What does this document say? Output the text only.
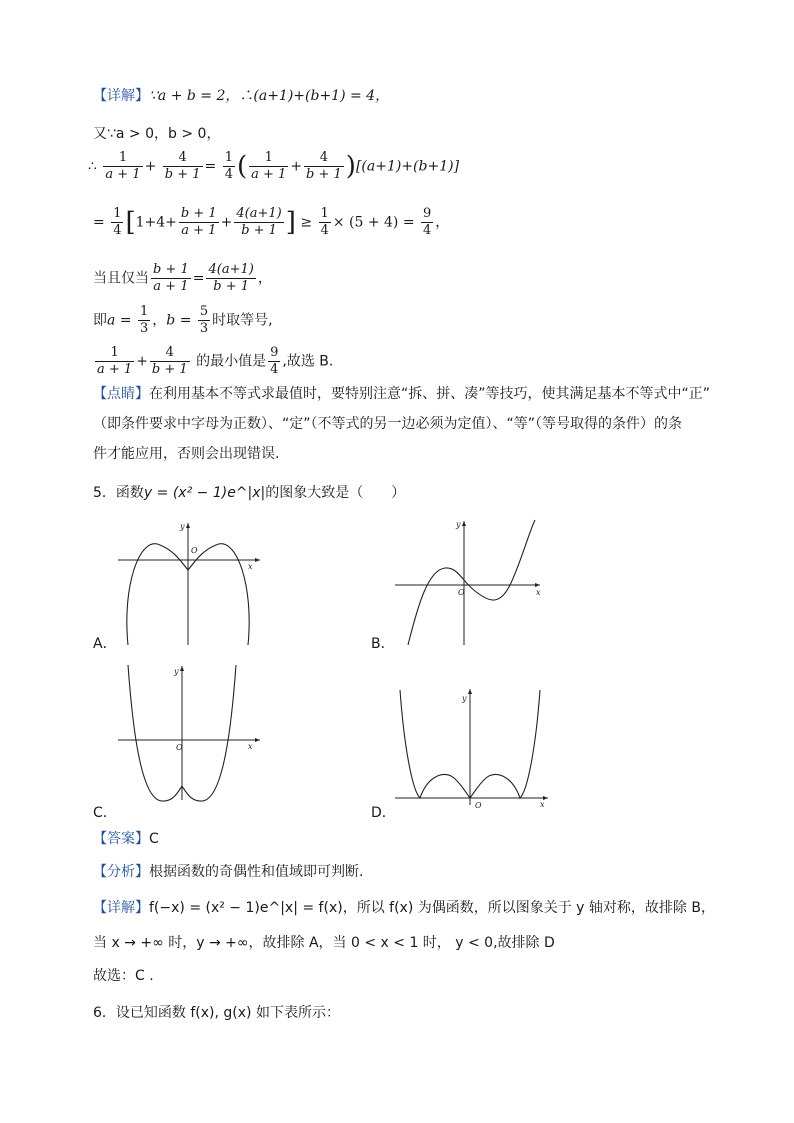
【详解】∵a + b = 2，∴(a+1)+(b+1) = 4，
又∵a > 0，b > 0，
∴ $\frac{1}{a + 1} + \frac{4}{b + 1} = \frac{1}{4}$ ( $\frac{1}{a + 1} + \frac{4}{b + 1} )[(a+1)+(b+1)]$
= $\frac{1}{4} [1+4+ \frac{b + 1}{a + 1} + \frac{4(a+1)}{b + 1}$ ] ≥ $\frac{1}{4} \times (5 + 4) = \frac{9}{4}$ ，
当且仅当 $\frac{b + 1}{a + 1} = \frac{4(a+1)}{b + 1}$ ，
即$a = \frac{1}{3}$ ，$b = \frac{5}{3}$ 时取等号,
$\frac{1}{a + 1} + \frac{4}{b + 1}$ 的最小值是 $\frac{9}{4}$ ,故选 B.
【点睛】在利用基本不等式求最值时，要特别注意“拆、拼、凑”等技巧，使其满足基本不等式中“正”
（即条件要求中字母为正数）、“定”（不等式的另一边必须为定值）、“等”（等号取得的条件）的条
件才能应用，否则会出现错误.
5．函数y = (x² − 1)e^|x|的图象大致是（　　）
x
y
O
A．
x
y
O
B．
x
y
O
C．
x
y
O
D．
【答案】C
【分析】根据函数的奇偶性和值域即可判断.
【详解】f(−x) = (x² − 1)e^|x| = f(x)，所以 f(x) 为偶函数，所以图象关于 y 轴对称，故排除 B，
当 x → +∞ 时，y → +∞，故排除 A，当 0 < x < 1 时， y < 0,故排除 D
故选：C .
6．设已知函数 f(x), g(x) 如下表所示：
